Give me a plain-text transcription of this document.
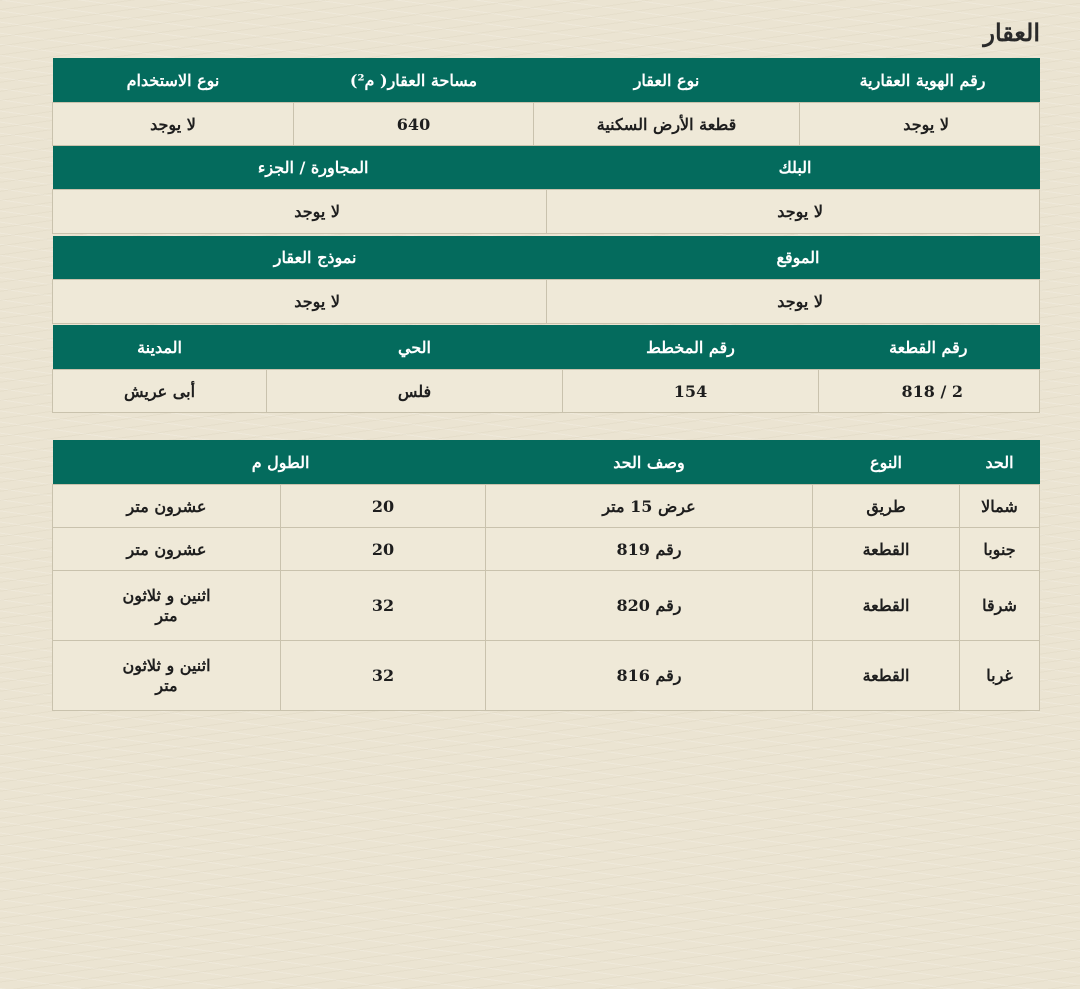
العقار
رقم الهوية العقارية	نوع العقار	مساحة العقار( م²)	نوع الاستخدام
لا يوجد	قطعة الأرض السكنية	640	لا يوجد
البلك	المجاورة / الجزء
لا يوجد	لا يوجد
الموقع	نموذج العقار
لا يوجد	لا يوجد
رقم القطعة	رقم المخطط	الحي	المدينة
818 / 2	154	فلس	أبى عريش
الحد	النوع	وصف الحد	الطول م	
شمالا	طريق	عرض 15 متر	20	عشرون متر
جنوبا	القطعة	رقم 819	20	عشرون متر
شرقا	القطعة	رقم 820	32	اثنين و ثلاثون متر
غربا	القطعة	رقم 816	32	اثنين و ثلاثون متر
